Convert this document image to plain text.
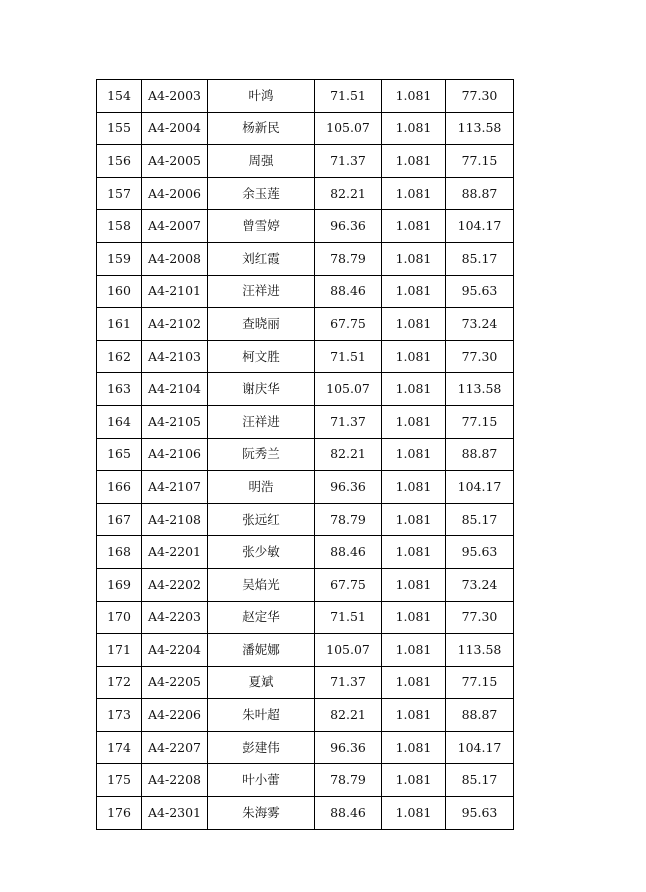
154	A4-2003	叶鸿	71.51	1.081	77.30
155	A4-2004	杨新民	105.07	1.081	113.58
156	A4-2005	周强	71.37	1.081	77.15
157	A4-2006	余玉莲	82.21	1.081	88.87
158	A4-2007	曾雪婷	96.36	1.081	104.17
159	A4-2008	刘红霞	78.79	1.081	85.17
160	A4-2101	汪祥进	88.46	1.081	95.63
161	A4-2102	查晓丽	67.75	1.081	73.24
162	A4-2103	柯文胜	71.51	1.081	77.30
163	A4-2104	谢庆华	105.07	1.081	113.58
164	A4-2105	汪祥进	71.37	1.081	77.15
165	A4-2106	阮秀兰	82.21	1.081	88.87
166	A4-2107	明浩	96.36	1.081	104.17
167	A4-2108	张远红	78.79	1.081	85.17
168	A4-2201	张少敏	88.46	1.081	95.63
169	A4-2202	吴焰光	67.75	1.081	73.24
170	A4-2203	赵定华	71.51	1.081	77.30
171	A4-2204	潘妮娜	105.07	1.081	113.58
172	A4-2205	夏斌	71.37	1.081	77.15
173	A4-2206	朱叶超	82.21	1.081	88.87
174	A4-2207	彭建伟	96.36	1.081	104.17
175	A4-2208	叶小蕾	78.79	1.081	85.17
176	A4-2301	朱海雾	88.46	1.081	95.63
